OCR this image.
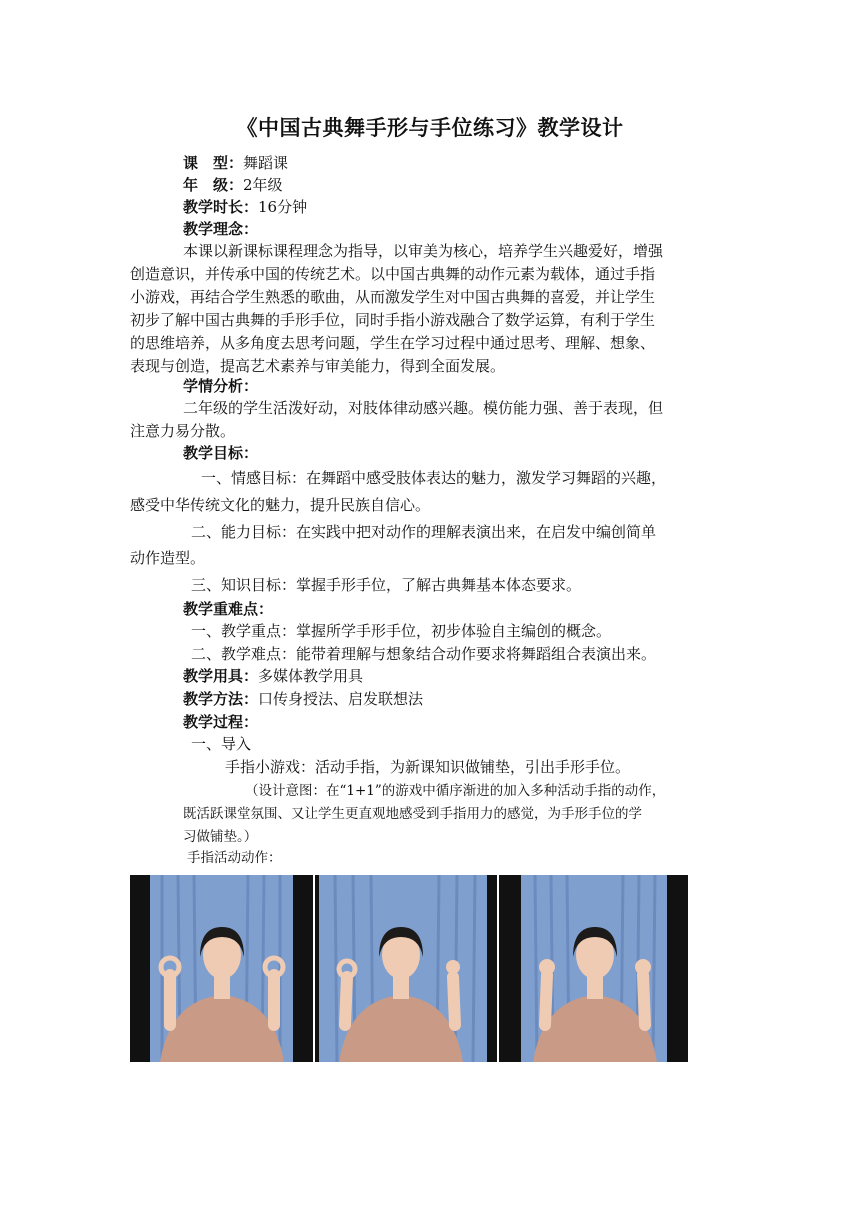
《中国古典舞手形与手位练习》教学设计
课　型：舞蹈课
年　级：2年级
教学时长：16分钟
教学理念：
本课以新课标课程理念为指导，以审美为核心，培养学生兴趣爱好，增强
创造意识，并传承中国的传统艺术。以中国古典舞的动作元素为载体，通过手指
小游戏，再结合学生熟悉的歌曲，从而激发学生对中国古典舞的喜爱，并让学生
初步了解中国古典舞的手形手位，同时手指小游戏融合了数学运算，有利于学生
的思维培养，从多角度去思考问题，学生在学习过程中通过思考、理解、想象、
表现与创造，提高艺术素养与审美能力，得到全面发展。
学情分析：
二年级的学生活泼好动，对肢体律动感兴趣。模仿能力强、善于表现，但
注意力易分散。
教学目标：
一、情感目标：在舞蹈中感受肢体表达的魅力，激发学习舞蹈的兴趣，
感受中华传统文化的魅力，提升民族自信心。
二、能力目标：在实践中把对动作的理解表演出来，在启发中编创简单
动作造型。
三、知识目标：掌握手形手位，了解古典舞基本体态要求。
教学重难点：
一、教学重点：掌握所学手形手位，初步体验自主编创的概念。
二、教学难点：能带着理解与想象结合动作要求将舞蹈组合表演出来。
教学用具：多媒体教学用具
教学方法：口传身授法、启发联想法
教学过程：
一、导入
手指小游戏：活动手指，为新课知识做铺垫，引出手形手位。
（设计意图：在“1+1”的游戏中循序渐进的加入多种活动手指的动作，
既活跃课堂氛围、又让学生更直观地感受到手指用力的感觉，为手形手位的学
习做铺垫。）
手指活动动作：
